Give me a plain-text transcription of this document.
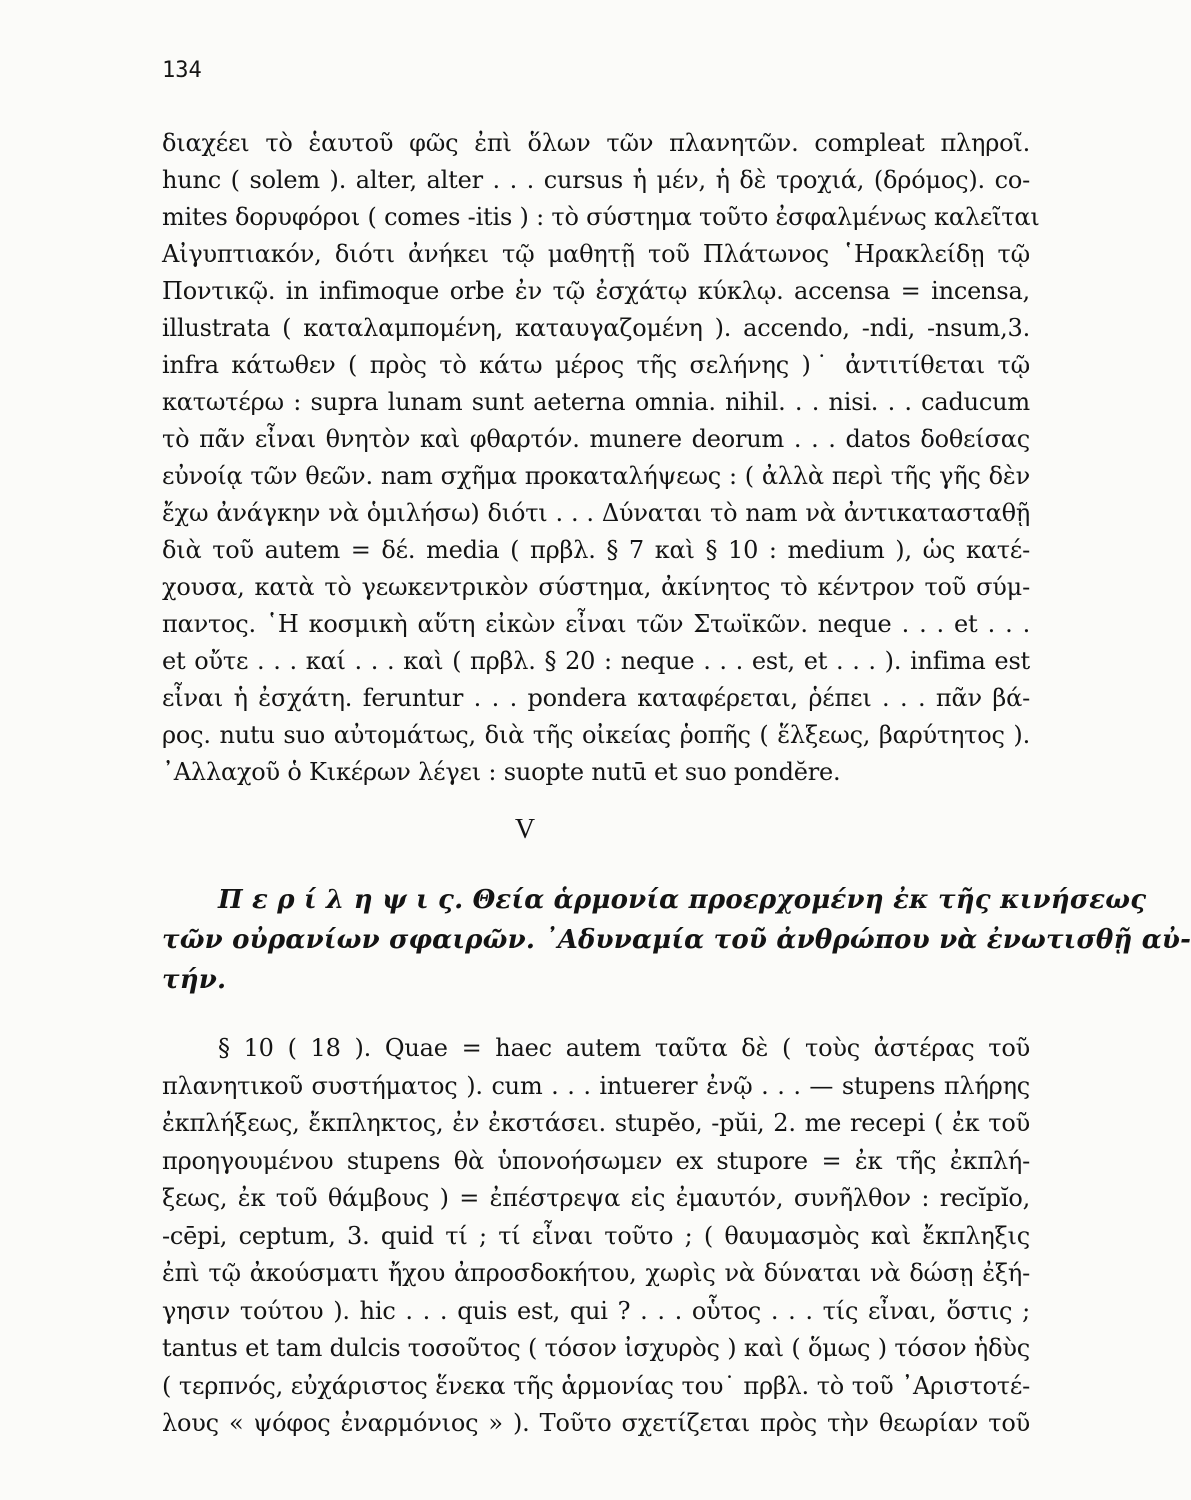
134
διαχέει τὸ ἑαυτοῦ φῶς ἐπὶ ὅλων τῶν πλανητῶν. compleat πληροῖ.
hunc ( solem ). alter, alter . . . cursus ἡ μέν, ἡ δὲ τροχιά, (δρόμος). co-
mites δορυφόροι ( comes -itis ) : τὸ σύστημα τοῦτο ἐσφαλμένως καλεῖται
Αἰγυπτιακόν, διότι ἀνήκει τῷ μαθητῇ τοῦ Πλάτωνος ῾Ηρακλείδῃ τῷ
Ποντικῷ. in infimoque orbe ἐν τῷ ἐσχάτῳ κύκλῳ. accensa = incensa,
illustrata ( καταλαμπομένη, καταυγαζομένη ). accendo, -ndi, -nsum,3.
infra κάτωθεν ( πρὸς τὸ κάτω μέρος τῆς σελήνης )˙ ἀντιτίθεται τῷ
κατωτέρω : supra lunam sunt aeterna omnia. nihil. . . nisi. . . caducum
τὸ πᾶν εἶναι θνητὸν καὶ φθαρτόν. munere deorum . . . datos δοθείσας
εὐνοίᾳ τῶν θεῶν. nam σχῆμα προκαταλήψεως : ( ἀλλὰ περὶ τῆς γῆς δὲν
ἔχω ἀνάγκην νὰ ὁμιλήσω) διότι . . . Δύναται τὸ nam νὰ ἀντικατασταθῇ
διὰ τοῦ autem = δέ. media ( πρβλ. § 7 καὶ § 10 : medium ), ὡς κατέ-
χουσα, κατὰ τὸ γεωκεντρικὸν σύστημα, ἀκίνητος τὸ κέντρον τοῦ σύμ-
παντος. ῾Η κοσμικὴ αὕτη εἰκὼν εἶναι τῶν Στωϊκῶν. neque . . . et . . .
et οὔτε . . . καί . . . καὶ ( πρβλ. § 20 : neque . . . est, et . . . ). infima est
εἶναι ἡ ἐσχάτη. feruntur . . . pondera καταφέρεται, ῥέπει . . . πᾶν βά-
ρος. nutu suo αὐτομάτως, διὰ τῆς οἰκείας ῥοπῆς ( ἕλξεως, βαρύτητος ).
᾿Αλλαχοῦ ὁ Κικέρων λέγει : suopte nutū et suo pondĕre.
V
Π ε ρ ί λ η ψ ι ς. Θεία ἁρμονία προερχομένη ἐκ τῆς κινήσεως
τῶν οὐρανίων σφαιρῶν. ᾿Αδυναμία τοῦ ἀνθρώπου νὰ ἐνωτισθῇ αὐ-
τήν.
§ 10 ( 18 ). Quae = haec autem ταῦτα δὲ ( τοὺς ἀστέρας τοῦ
πλανητικοῦ συστήματος ). cum . . . intuerer ἐνῷ . . . — stupens πλήρης
ἐκπλήξεως, ἔκπληκτος, ἐν ἐκστάσει. stupĕo, -pŭi, 2. me recepi ( ἐκ τοῦ
προηγουμένου stupens θὰ ὑπονοήσωμεν ex stupore = ἐκ τῆς ἐκπλή-
ξεως, ἐκ τοῦ θάμβους ) = ἐπέστρεψα εἰς ἐμαυτόν, συνῆλθον : recĭpĭo,
-cēpi, ceptum, 3. quid τί ; τί εἶναι τοῦτο ; ( θαυμασμὸς καὶ ἔκπληξις
ἐπὶ τῷ ἀκούσματι ἤχου ἀπροσδοκήτου, χωρὶς νὰ δύναται νὰ δώσῃ ἐξή-
γησιν τούτου ). hic . . . quis est, qui ? . . . οὗτος . . . τίς εἶναι, ὅστις ;
tantus et tam dulcis τοσοῦτος ( τόσον ἰσχυρὸς ) καὶ ( ὅμως ) τόσον ἡδὺς
( τερπνός, εὐχάριστος ἕνεκα τῆς ἁρμονίας του˙ πρβλ. τὸ τοῦ ᾿Αριστοτέ-
λους « ψόφος ἐναρμόνιος » ). Τοῦτο σχετίζεται πρὸς τὴν θεωρίαν τοῦ
